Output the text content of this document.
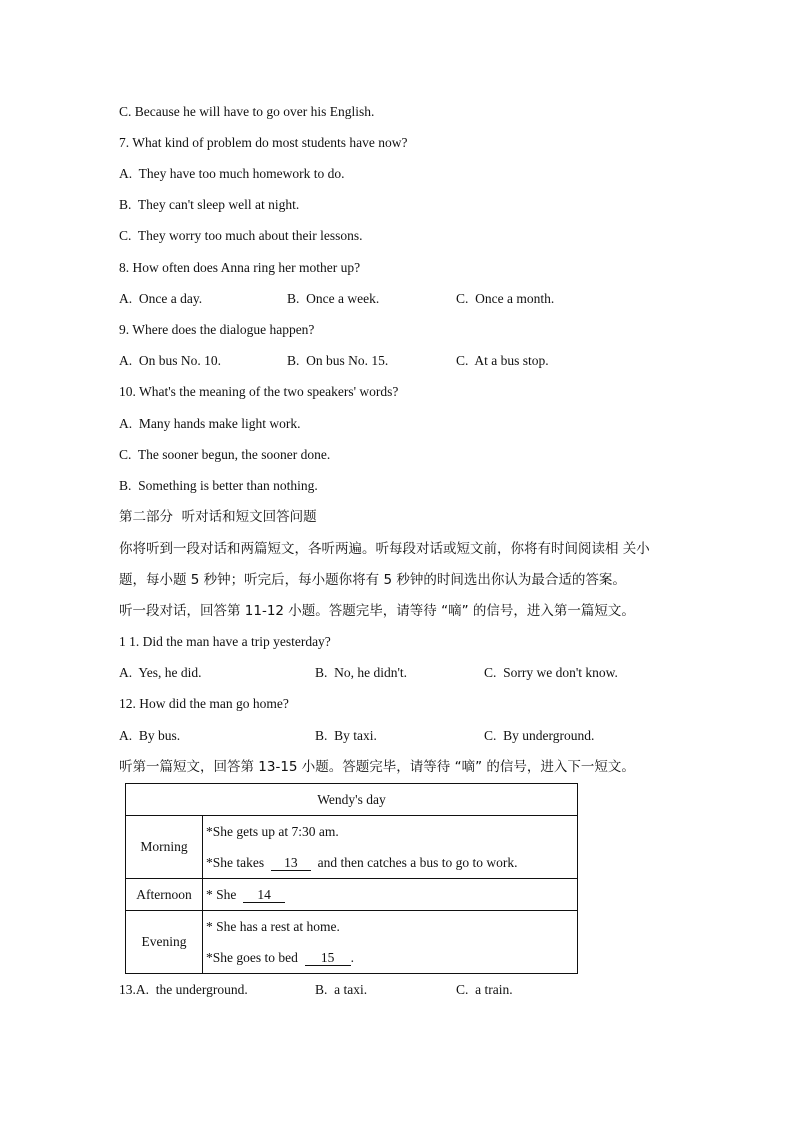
C. Because he will have to go over his English.
7. What kind of problem do most students have now?
A.  They have too much homework to do.
B.  They can't sleep well at night.
C.  They worry too much about their lessons.
8. How often does Anna ring her mother up?
A.  Once a day.	B.  Once a week.	C.  Once a month.
9. Where does the dialogue happen?
A.  On bus No. 10.	B.  On bus No. 15.	C.  At a bus stop.
10. What's the meaning of the two speakers' words?
A.  Many hands make light work.
C.  The sooner begun, the sooner done.
B.  Something is better than nothing.
第二部分  听对话和短文回答问题
你将听到一段对话和两篇短文，各听两遍。听每段对话或短文前，你将有时间阅读相 关小
题，每小题 5 秒钟；听完后，每小题你将有 5 秒钟的时间选出你认为最合适的答案。
听一段对话，回答第 11-12 小题。答题完毕，请等待 “嘀” 的信号，进入第一篇短文。
1 1. Did the man have a trip yesterday?
A.  Yes, he did.	B.  No, he didn't.	C.  Sorry we don't know.
12. How did the man go home?
A.  By bus.	B.  By taxi.	C.  By underground.
听第一篇短文，回答第 13-15 小题。答题完毕，请等待 “嘀” 的信号，进入下一短文。
Wendy's day	
Morning	*She gets up at 7:30 am.
*She takes  13  and then catches a bus to go to work.

Afternoon	* She  14

Evening	* She has a rest at home.
*She goes to bed  15 .
13.A.  the underground.	B.  a taxi.	C.  a train.
